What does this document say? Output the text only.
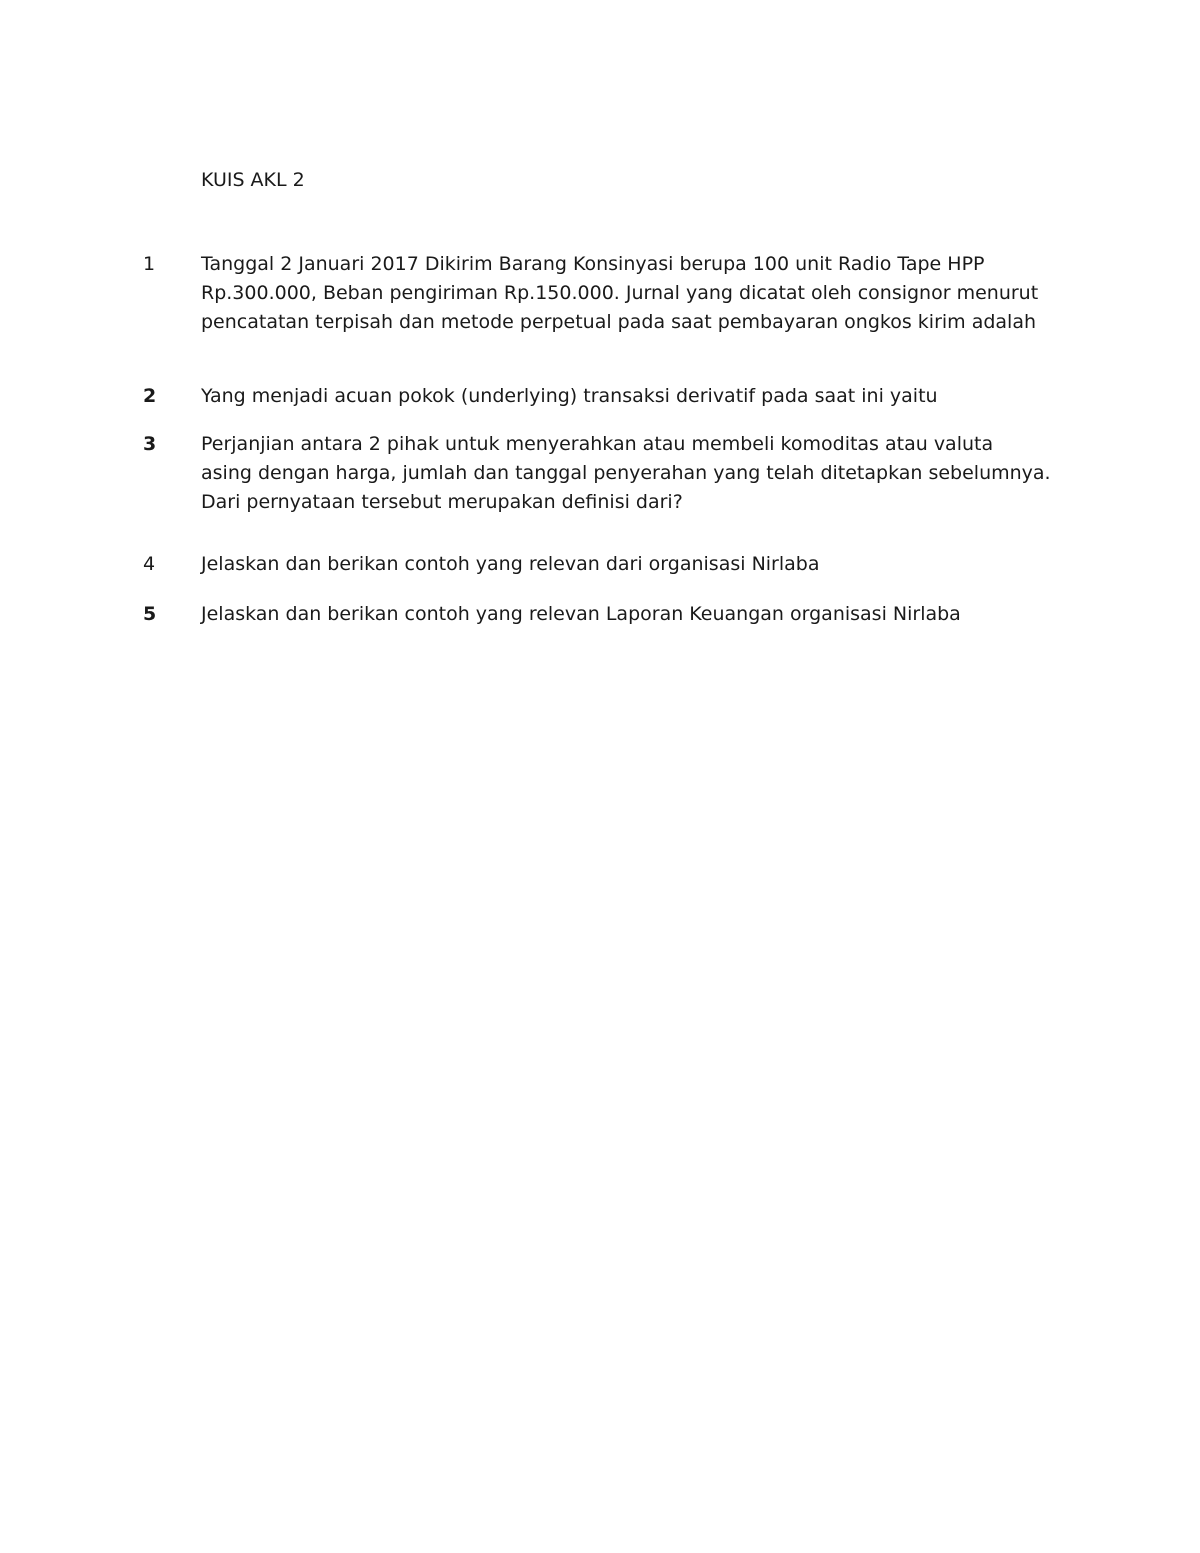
KUIS AKL 2
1 Tanggal 2 Januari 2017 Dikirim Barang Konsinyasi berupa 100 unit Radio Tape HPP
Rp.300.000, Beban pengiriman Rp.150.000. Jurnal yang dicatat oleh consignor menurut
pencatatan terpisah dan metode perpetual pada saat pembayaran ongkos kirim adalah
2 Yang menjadi acuan pokok (underlying) transaksi derivatif pada saat ini yaitu
3 Perjanjian antara 2 pihak untuk menyerahkan atau membeli komoditas atau valuta
asing dengan harga, jumlah dan tanggal penyerahan yang telah ditetapkan sebelumnya.
Dari pernyataan tersebut merupakan definisi dari?
4 Jelaskan dan berikan contoh yang relevan dari organisasi Nirlaba
5 Jelaskan dan berikan contoh yang relevan Laporan Keuangan organisasi Nirlaba
